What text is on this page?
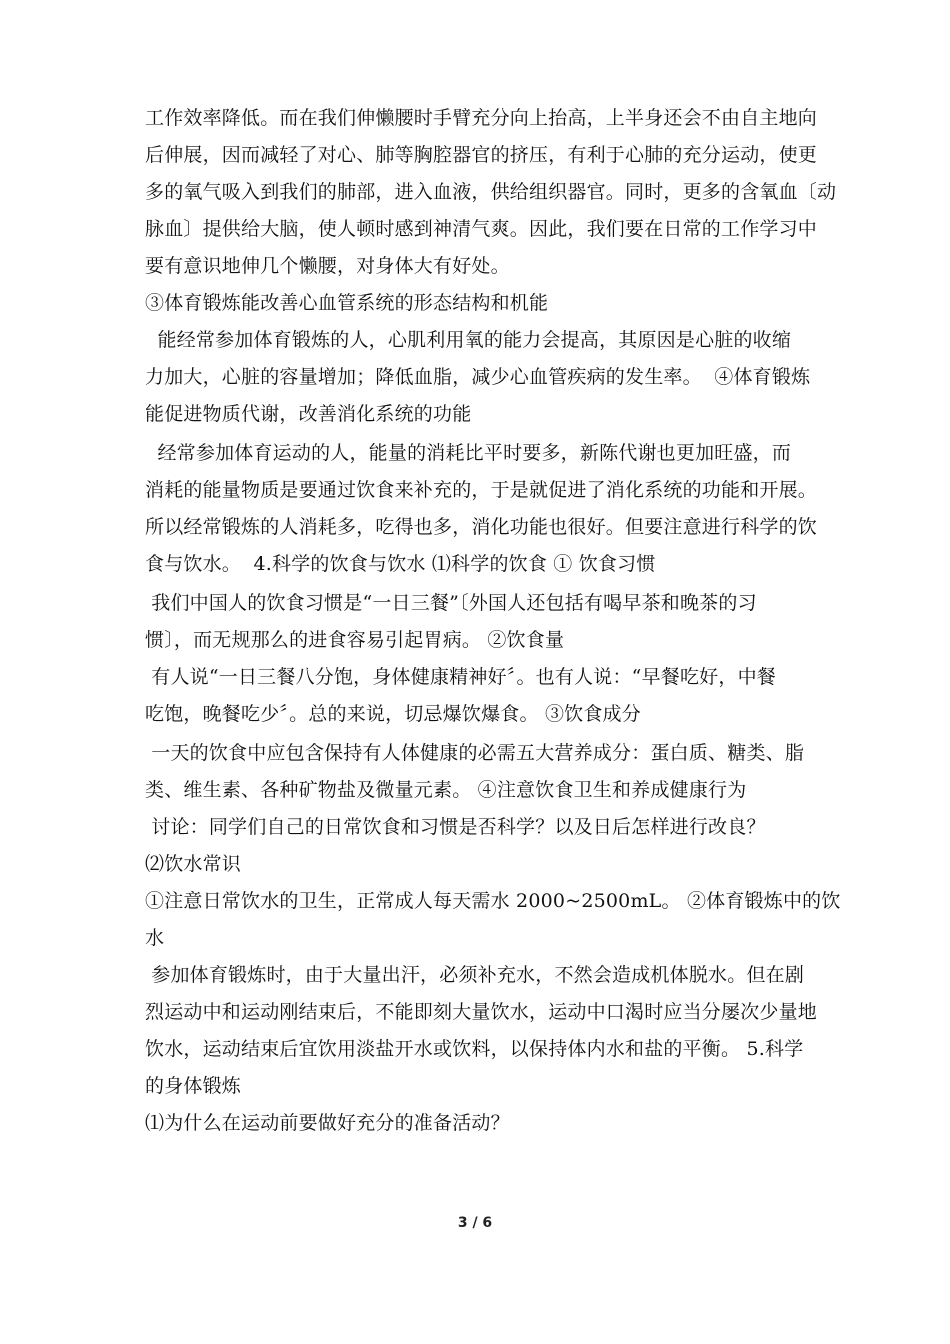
工作效率降低。而在我们伸懒腰时手臂充分向上抬高，上半身还会不由自主地向
后伸展，因而减轻了对心、肺等胸腔器官的挤压，有利于心肺的充分运动，使更
多的氧气吸入到我们的肺部，进入血液，供给组织器官。同时，更多的含氧血〔动
脉血〕提供给大脑，使人顿时感到神清气爽。因此，我们要在日常的工作学习中
要有意识地伸几个懒腰，对身体大有好处。
③体育锻炼能改善心血管系统的形态结构和机能
能经常参加体育锻炼的人，心肌利用氧的能力会提高，其原因是心脏的收缩
力加大，心脏的容量增加；降低血脂，减少心血管疾病的发生率。  ④体育锻炼
能促进物质代谢，改善消化系统的功能
经常参加体育运动的人，能量的消耗比平时要多，新陈代谢也更加旺盛，而
消耗的能量物质是要通过饮食来补充的，于是就促进了消化系统的功能和开展。
所以经常锻炼的人消耗多，吃得也多，消化功能也很好。但要注意进行科学的饮
食与饮水。  4.科学的饮食与饮水 ⑴科学的饮食 ① 饮食习惯
我们中国人的饮食习惯是“一日三餐”〔外国人还包括有喝早茶和晚茶的习
惯〕，而无规那么的进食容易引起胃病。 ②饮食量
有人说“一日三餐八分饱，身体健康精神好〞。也有人说：“早餐吃好，中餐
吃饱，晚餐吃少〞。总的来说，切忌爆饮爆食。 ③饮食成分
一天的饮食中应包含保持有人体健康的必需五大营养成分：蛋白质、糖类、脂
类、维生素、各种矿物盐及微量元素。 ④注意饮食卫生和养成健康行为
讨论：同学们自己的日常饮食和习惯是否科学？以及日后怎样进行改良？
⑵饮水常识
①注意日常饮水的卫生，正常成人每天需水 2000~2500mL。 ②体育锻炼中的饮
水
参加体育锻炼时，由于大量出汗，必须补充水，不然会造成机体脱水。但在剧
烈运动中和运动刚结束后，不能即刻大量饮水，运动中口渴时应当分屡次少量地
饮水，运动结束后宜饮用淡盐开水或饮料，以保持体内水和盐的平衡。 5.科学
的身体锻炼
⑴为什么在运动前要做好充分的准备活动？
3 / 6
